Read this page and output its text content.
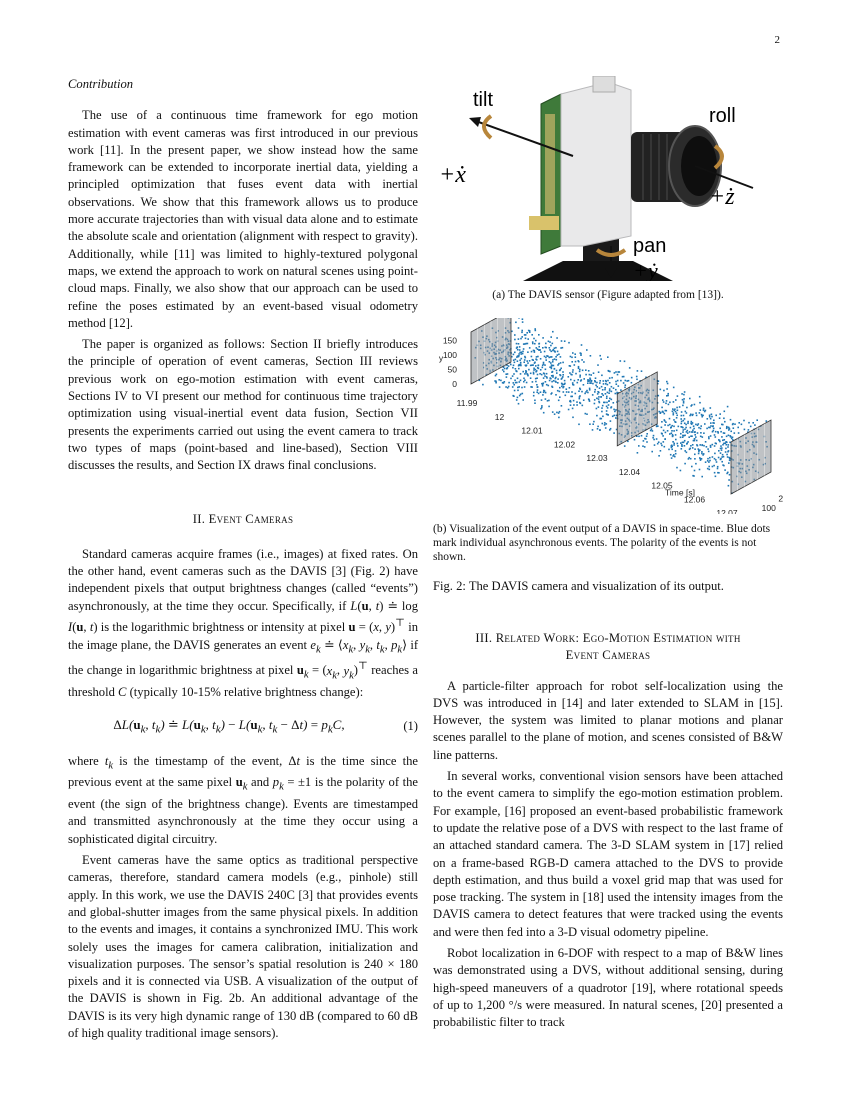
2
Contribution

The use of a continuous time framework for ego motion estimation with event cameras was first introduced in our previous work [11]. In the present paper, we show instead how the same framework can be extended to incorporate inertial data, yielding a principled optimization that fuses event data with inertial observations. We show that this framework allows us to produce more accurate trajectories than with visual data alone and to estimate the absolute scale and orientation (alignment with respect to gravity). Additionally, while [11] was limited to highly-textured polygonal maps, we extend the approach to work on natural scenes using point-cloud maps. Finally, we also show that our approach can be used to refine the poses estimated by an event-based visual odometry method [12].

The paper is organized as follows: Section II briefly introduces the principle of operation of event cameras, Section III reviews previous work on ego-motion estimation with event cameras, Sections IV to VI present our method for continuous time trajectory optimization using visual-inertial event data fusion, Section VII presents the experiments carried out using the event camera to track two types of maps (point-based and line-based), Section VIII discusses the results, and Section IX draws final conclusions.

II. Event Cameras

Standard cameras acquire frames (i.e., images) at fixed rates. On the other hand, event cameras such as the DAVIS [3] (Fig. 2) have independent pixels that output brightness changes (called “events”) asynchronously, at the time they occur. Specifically, if L(u, t) ≐ log I(u, t) is the logarithmic brightness or intensity at pixel u = (x, y)⊤ in the image plane, the DAVIS generates an event $e_k$ ≐ $⟨x_k$, $y_k$, $t_k$, $p_k⟩$ if the change in logarithmic brightness at pixel $u_k = (x_k$, $y_k)^⊤$ reaches a threshold C (typically 10-15% relative brightness change):

$\Delta L(u_k$, $t_k$) ≐ $L(u_k$, $t_k) - L(u_k$, $t_k - \Delta t) = p_kC$,	(1)

where $t_k$ is the timestamp of the event, Δt is the time since the previous event at the same pixel $u_k$ and $p_k = \pm 1$ is the polarity of the event (the sign of the brightness change). Events are timestamped and transmitted asynchronously at the time they occur using a sophisticated digital circuitry.

Event cameras have the same optics as traditional perspective cameras, therefore, standard camera models (e.g., pinhole) still apply. In this work, we use the DAVIS 240C [3] that provides events and global-shutter images from the same physical pixels. In addition to the events and images, it contains a synchronized IMU. This work solely uses the images for camera calibration, initialization and visualization purposes. The sensor’s spatial resolution is 240 × 180 pixels and it is connected via USB. A visualization of the output of the DAVIS is shown in Fig. 2b. An additional advantage of the DAVIS is its very high dynamic range of 130 dB (compared to 60 dB of high quality traditional image sensors).

tilt
roll
pan
+ẋ
+ż
+ẏ
(a) The DAVIS sensor (Figure adapted from [13]).
0
50
100
150
y
11.99
12
12.01
12.02
12.03
12.04
12.05
12.06
12.07
Time [s]
100
2
(b) Visualization of the event output of a DAVIS in space-time. Blue dots mark individual asynchronous events. The polarity of the events is not shown.
Fig. 2: The DAVIS camera and visualization of its output.
III. Related Work: Ego-Motion Estimation with
Event Cameras

A particle-filter approach for robot self-localization using the DVS was introduced in [14] and later extended to SLAM in [15]. However, the system was limited to planar motions and planar scenes parallel to the plane of motion, and scenes consisted of B&W line patterns.

In several works, conventional vision sensors have been attached to the event camera to simplify the ego-motion estimation problem. For example, [16] proposed an event-based probabilistic framework to update the relative pose of a DVS with respect to the last frame of an attached standard camera. The 3-D SLAM system in [17] relied on a frame-based RGB-D camera attached to the DVS to provide depth estimation, and thus build a voxel grid map that was used for pose tracking. The system in [18] used the intensity images from the DAVIS camera to detect features that were tracked using the events and were then fed into a 3-D visual odometry pipeline.

Robot localization in 6-DOF with respect to a map of B&W lines was demonstrated using a DVS, without additional sensing, during high-speed maneuvers of a quadrotor [19], where rotational speeds of up to 1,200 °/s were measured. In natural scenes, [20] presented a probabilistic filter to track
